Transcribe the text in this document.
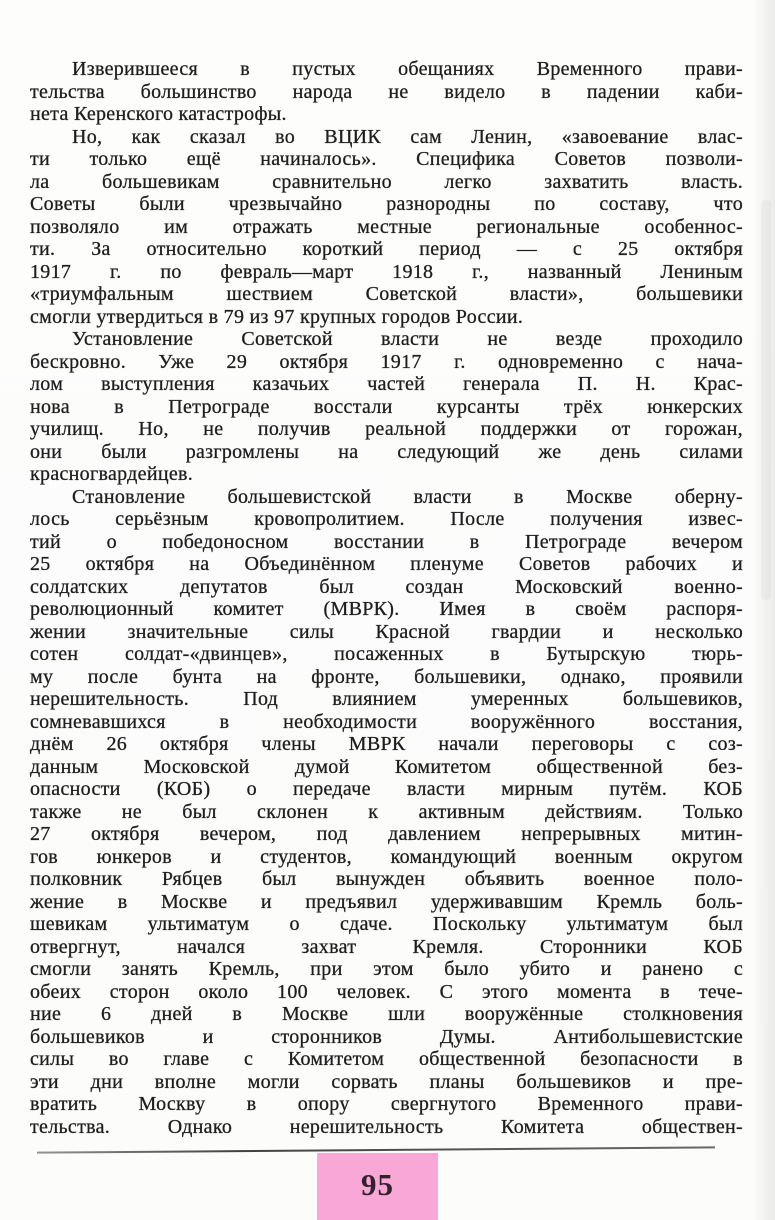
Изверившееся в пустых обещаниях Временного прави-
тельства большинство народа не видело в падении каби-
нета Керенского катастрофы.
Но, как сказал во ВЦИК сам Ленин, «завоевание влас-
ти только ещё начиналось». Специфика Советов позволи-
ла большевикам сравнительно легко захватить власть.
Советы были чрезвычайно разнородны по составу, что
позволяло им отражать местные региональные особеннос-
ти. За относительно короткий период — с 25 октября
1917 г. по февраль—март 1918 г., названный Лениным
«триумфальным шествием Советской власти», большевики
смогли утвердиться в 79 из 97 крупных городов России.
Установление Советской власти не везде проходило
бескровно. Уже 29 октября 1917 г. одновременно с нача-
лом выступления казачьих частей генерала П. Н. Крас-
нова в Петрограде восстали курсанты трёх юнкерских
училищ. Но, не получив реальной поддержки от горожан,
они были разгромлены на следующий же день силами
красногвардейцев.
Становление большевистской власти в Москве оберну-
лось серьёзным кровопролитием. После получения извес-
тий о победоносном восстании в Петрограде вечером
25 октября на Объединённом пленуме Советов рабочих и
солдатских депутатов был создан Московский военно-
революционный комитет (МВРК). Имея в своём распоря-
жении значительные силы Красной гвардии и несколько
сотен солдат-«двинцев», посаженных в Бутырскую тюрь-
му после бунта на фронте, большевики, однако, проявили
нерешительность. Под влиянием умеренных большевиков,
сомневавшихся в необходимости вооружённого восстания,
днём 26 октября члены МВРК начали переговоры с соз-
данным Московской думой Комитетом общественной без-
опасности (КОБ) о передаче власти мирным путём. КОБ
также не был склонен к активным действиям. Только
27 октября вечером, под давлением непрерывных митин-
гов юнкеров и студентов, командующий военным округом
полковник Рябцев был вынужден объявить военное поло-
жение в Москве и предъявил удерживавшим Кремль боль-
шевикам ультиматум о сдаче. Поскольку ультиматум был
отвергнут, начался захват Кремля. Сторонники КОБ
смогли занять Кремль, при этом было убито и ранено с
обеих сторон около 100 человек. С этого момента в тече-
ние 6 дней в Москве шли вооружённые столкновения
большевиков и сторонников Думы. Антибольшевистские
силы во главе с Комитетом общественной безопасности в
эти дни вполне могли сорвать планы большевиков и пре-
вратить Москву в опору свергнутого Временного прави-
тельства. Однако нерешительность Комитета обществен-
95
